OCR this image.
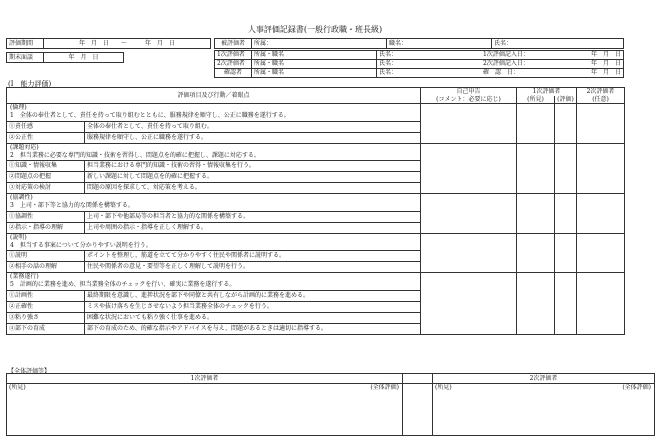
人事評価記録書(一般行政職・班長級)
評価期間	年　月　日　　～　　　年　月　日
期末面談	年　月　日
被評価者	所属：	職名：	氏名：
1次評価者	所属・職名	氏名：	1次評価記入日：	年　月　日
2次評価者	所属・職名	氏名：	2次評価記入日：	年　月　日
確認者	所属・職名	氏名：	確　認　日：	年　月　日
(Ⅰ　能力評価)
評価項目及び行動／着眼点		自己申告	1次評価者		2次評価者
		(コメント：必要に応じ)	(所見)	(評価)	(任意)
(倫理)					
1　全体の奉仕者として、責任を持って取り組むとともに、服務規律を順守し、公正に職務を遂行する。					
①責任感	全体の奉仕者として、責任を持って取り組む。				
②公正性	服務規律を順守し、公正に職務を遂行する。				
(課題対応)					
2　担当業務に必要な専門的知識・技術を習得し、問題点を的確に把握し、課題に対応する。					
①知識・情報収集	担当業務における専門的知識・技術の習得・情報収集を行う。				
②問題点の把握	新しい課題に対して問題点を的確に把握する。				
③対応策の検討	問題の原因を探求して、対応策を考える。				
(協調性)					
3　上司・部下等と協力的な関係を構築する。					
①協調性	上司・部下や他部局等の担当者と協力的な関係を構築する。				
②指示・指導の理解	上司や周囲の指示・指導を正しく理解する。				
(説明)					
4　担当する事案について分かりやすい説明を行う。					
①説明	ポイントを整理し、筋道を立てて分かりやすく住民や関係者に説明する。				
②相手の話の理解	住民や関係者の意見・要望等を正しく理解して説明を行う。				
(業務遂行)					
5　計画的に業務を進め、担当業務全体のチェックを行い、確実に業務を遂行する。					
①計画性	最終期限を意識し、進捗状況を部下や同僚と共有しながら計画的に業務を進める。				
②正確性	ミスや抜け落ちを生じさせないよう担当業務全体のチェックを行う。				
③粘り強さ	困難な状況においても粘り強く仕事を進める。				
④部下の育成	部下の育成のため、的確な指示やアドバイスを与え、問題があるときは適切に指導する。				
【全体評価等】
1次評価者		2次評価者
(所見) (全体評価)		(所見) (全体評価)
